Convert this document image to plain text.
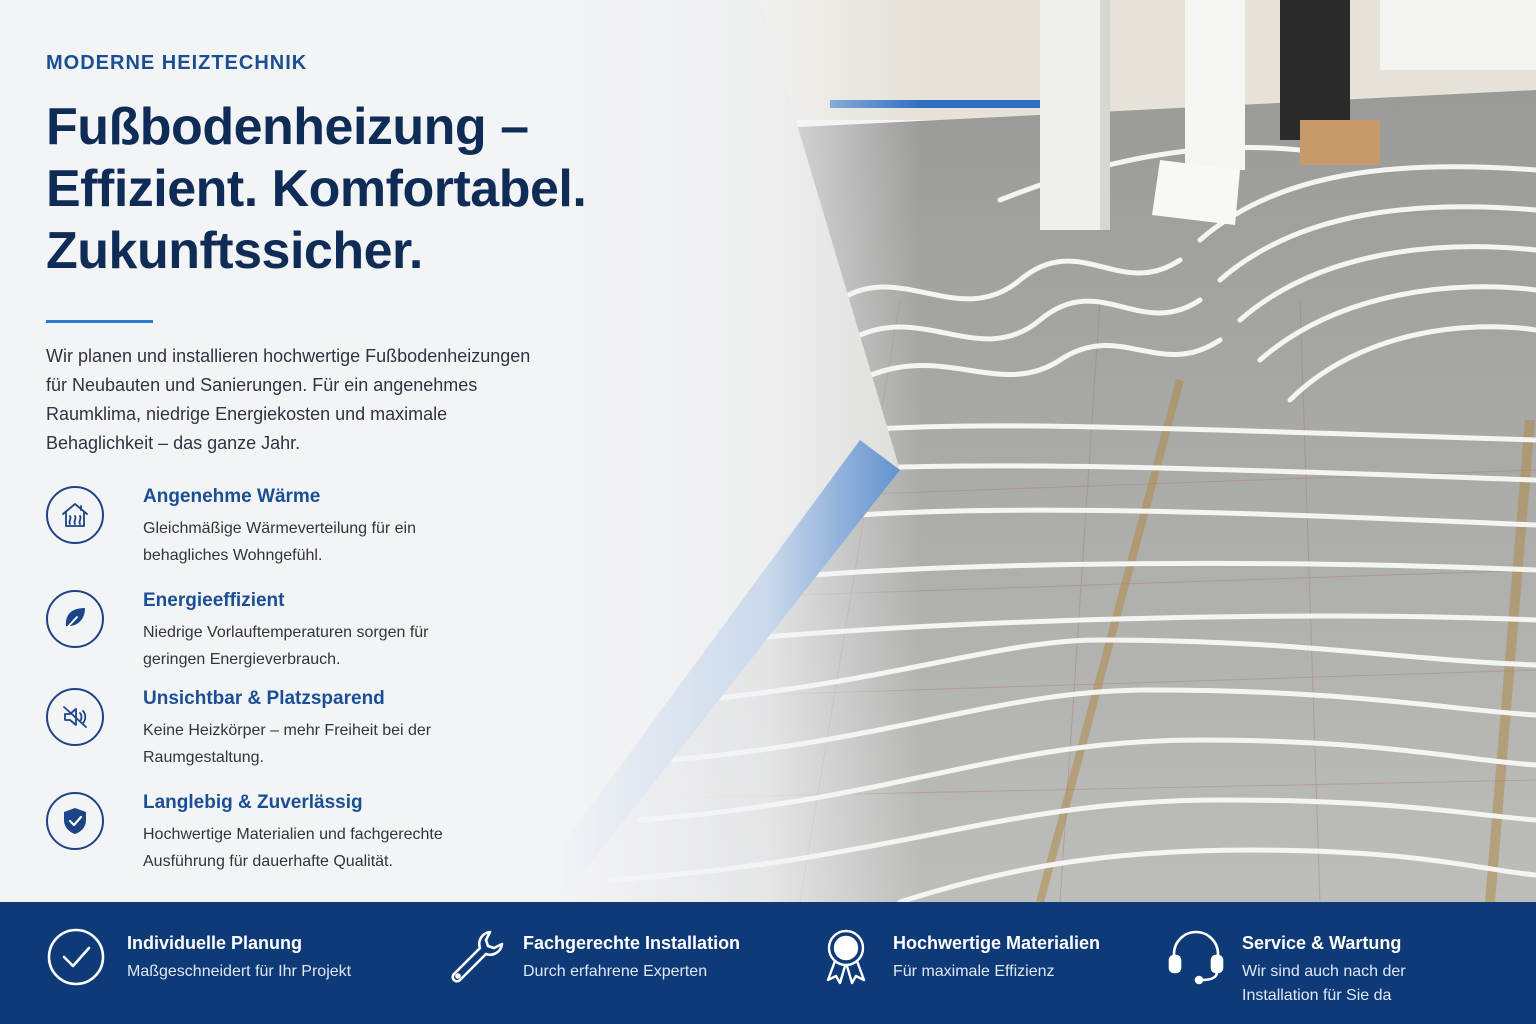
MODERNE HEIZTECHNIK
Fußbodenheizung –
Effizient. Komfortabel.
Zukunftssicher.
Wir planen und installieren hochwertige Fußbodenheizungen
für Neubauten und Sanierungen. Für ein angenehmes
Raumklima, niedrige Energiekosten und maximale
Behaglichkeit – das ganze Jahr.
Angenehme Wärme
Gleichmäßige Wärmeverteilung für ein
behagliches Wohngefühl.
Energieeffizient
Niedrige Vorlauftemperaturen sorgen für
geringen Energieverbrauch.
Unsichtbar & Platzsparend
Keine Heizkörper – mehr Freiheit bei der
Raumgestaltung.
Langlebig & Zuverlässig
Hochwertige Materialien und fachgerechte
Ausführung für dauerhafte Qualität.
Individuelle Planung
Maßgeschneidert für Ihr Projekt
Fachgerechte Installation
Durch erfahrene Experten
Hochwertige Materialien
Für maximale Effizienz
Service & Wartung
Wir sind auch nach der
Installation für Sie da
